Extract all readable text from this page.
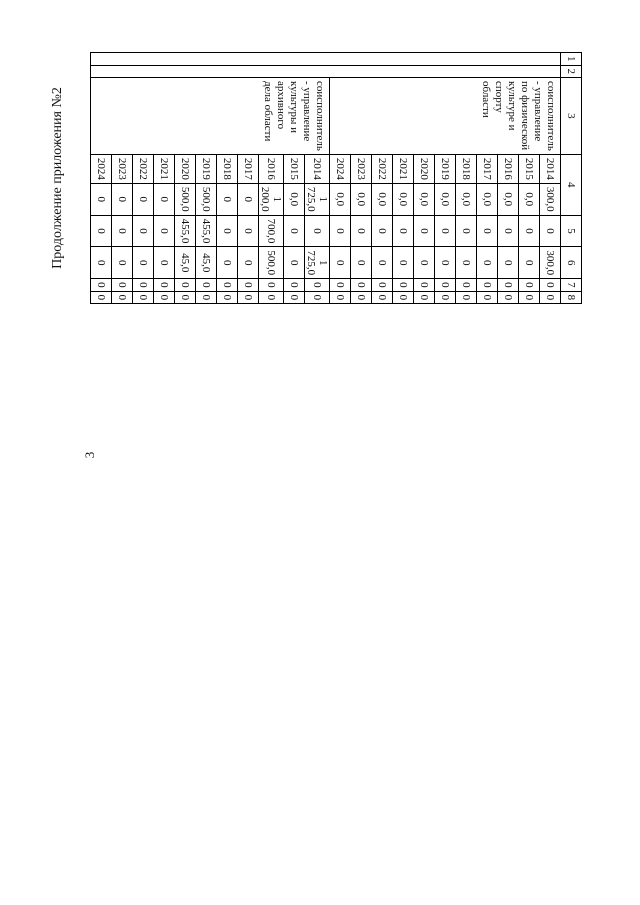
3
Продолжение приложения №2
1	2	3	4		5	6	7	8
		соисполнитель - управление по физической культуре и спорту области	2014	300,0	0	300,0	0	0
			2015	0,0	0	0	0	0
			2016	0,0	0	0	0	0
			2017	0,0	0	0	0	0
			2018	0,0	0	0	0	0
			2019	0,0	0	0	0	0
			2020	0,0	0	0	0	0
			2021	0,0	0	0	0	0
			2022	0,0	0	0	0	0
			2023	0,0	0	0	0	0
			2024	0,0	0	0	0	0
		соисполнитель - управление культуры и архивного дела области	2014	1 725,0	0	1 725,0	0	0
			2015	0,0	0	0	0	0
			2016	1 200,0	700,0	500,0	0	0
			2017	0	0	0	0	0
			2018	0	0	0	0	0
			2019	500,0	455,0	45,0	0	0
			2020	500,0	455,0	45,0	0	0
			2021	0	0	0	0	0
			2022	0	0	0	0	0
			2023	0	0	0	0	0
			2024	0	0	0	0	0
